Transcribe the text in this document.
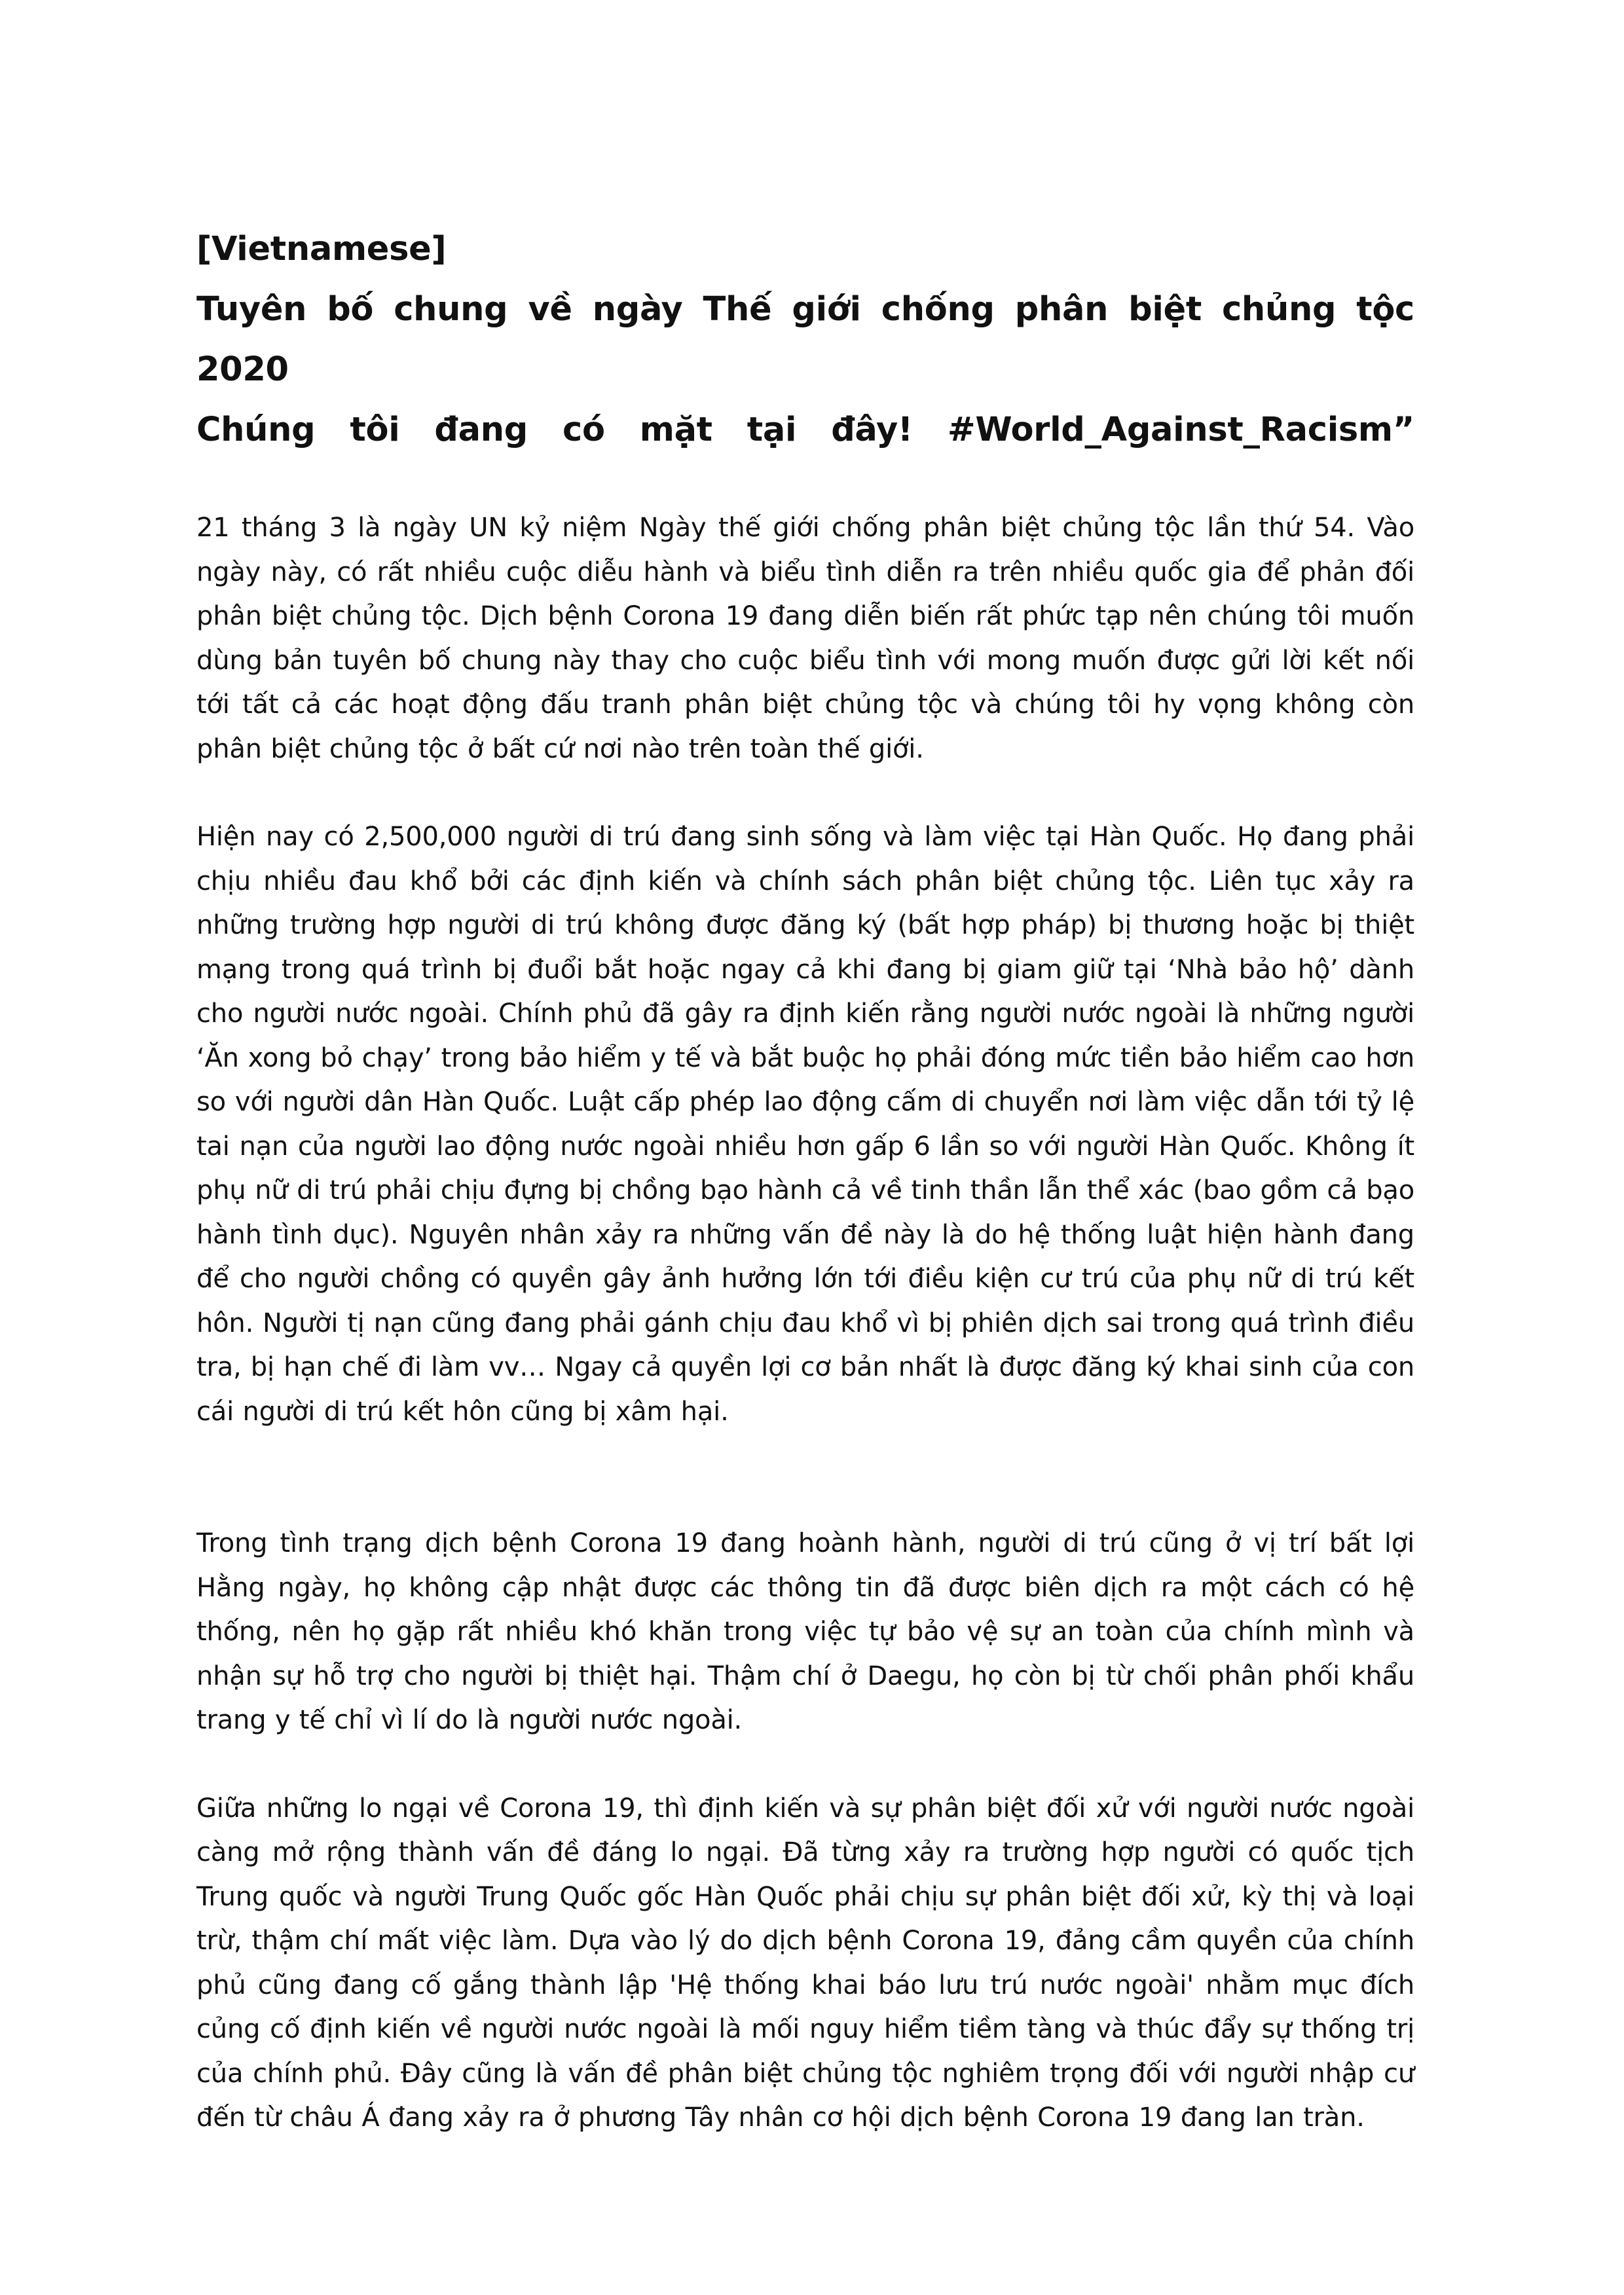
[Vietnamese]

Tuyên bố chung về ngày Thế giới chống phân biệt chủng tộc 2020

Chúng tôi đang có mặt tại đây! #World_Against_Racism”

21 tháng 3 là ngày UN kỷ niệm Ngày thế giới chống phân biệt chủng tộc lần thứ 54. Vào ngày này, có rất nhiều cuộc diễu hành và biểu tình diễn ra trên nhiều quốc gia để phản đối phân biệt chủng tộc. Dịch bệnh Corona 19 đang diễn biến rất phức tạp nên chúng tôi muốn dùng bản tuyên bố chung này thay cho cuộc biểu tình với mong muốn được gửi lời kết nối tới tất cả các hoạt động đấu tranh phân biệt chủng tộc và chúng tôi hy vọng không còn phân biệt chủng tộc ở bất cứ nơi nào trên toàn thế giới.

Hiện nay có 2,500,000 người di trú đang sinh sống và làm việc tại Hàn Quốc. Họ đang phải chịu nhiều đau khổ bởi các định kiến và chính sách phân biệt chủng tộc. Liên tục xảy ra những trường hợp người di trú không được đăng ký (bất hợp pháp) bị thương hoặc bị thiệt mạng trong quá trình bị đuổi bắt hoặc ngay cả khi đang bị giam giữ tại ‘Nhà bảo hộ’ dành cho người nước ngoài. Chính phủ đã gây ra định kiến rằng người nước ngoài là những người ‘Ăn xong bỏ chạy’ trong bảo hiểm y tế và bắt buộc họ phải đóng mức tiền bảo hiểm cao hơn so với người dân Hàn Quốc. Luật cấp phép lao động cấm di chuyển nơi làm việc dẫn tới tỷ lệ tai nạn của người lao động nước ngoài nhiều hơn gấp 6 lần so với người Hàn Quốc. Không ít phụ nữ di trú phải chịu đựng bị chồng bạo hành cả về tinh thần lẫn thể xác (bao gồm cả bạo hành tình dục). Nguyên nhân xảy ra những vấn đề này là do hệ thống luật hiện hành đang để cho người chồng có quyền gây ảnh hưởng lớn tới điều kiện cư trú của phụ nữ di trú kết hôn. Người tị nạn cũng đang phải gánh chịu đau khổ vì bị phiên dịch sai trong quá trình điều tra, bị hạn chế đi làm vv… Ngay cả quyền lợi cơ bản nhất là được đăng ký khai sinh của con cái người di trú kết hôn cũng bị xâm hại.

Trong tình trạng dịch bệnh Corona 19 đang hoành hành, người di trú cũng ở vị trí bất lợi Hằng ngày, họ không cập nhật được các thông tin đã được biên dịch ra một cách có hệ thống, nên họ gặp rất nhiều khó khăn trong việc tự bảo vệ sự an toàn của chính mình và nhận sự hỗ trợ cho người bị thiệt hại. Thậm chí ở Daegu, họ còn bị từ chối phân phối khẩu trang y tế chỉ vì lí do là người nước ngoài.

Giữa những lo ngại về Corona 19, thì định kiến và sự phân biệt đối xử với người nước ngoài càng mở rộng thành vấn đề đáng lo ngại. Đã từng xảy ra trường hợp người có quốc tịch Trung quốc và người Trung Quốc gốc Hàn Quốc phải chịu sự phân biệt đối xử, kỳ thị và loại trừ, thậm chí mất việc làm. Dựa vào lý do dịch bệnh Corona 19, đảng cầm quyền của chính phủ cũng đang cố gắng thành lập 'Hệ thống khai báo lưu trú nước ngoài' nhằm mục đích củng cố định kiến về người nước ngoài là mối nguy hiểm tiềm tàng và thúc đẩy sự thống trị của chính phủ. Đây cũng là vấn đề phân biệt chủng tộc nghiêm trọng đối với người nhập cư đến từ châu Á đang xảy ra ở phương Tây nhân cơ hội dịch bệnh Corona 19 đang lan tràn.
